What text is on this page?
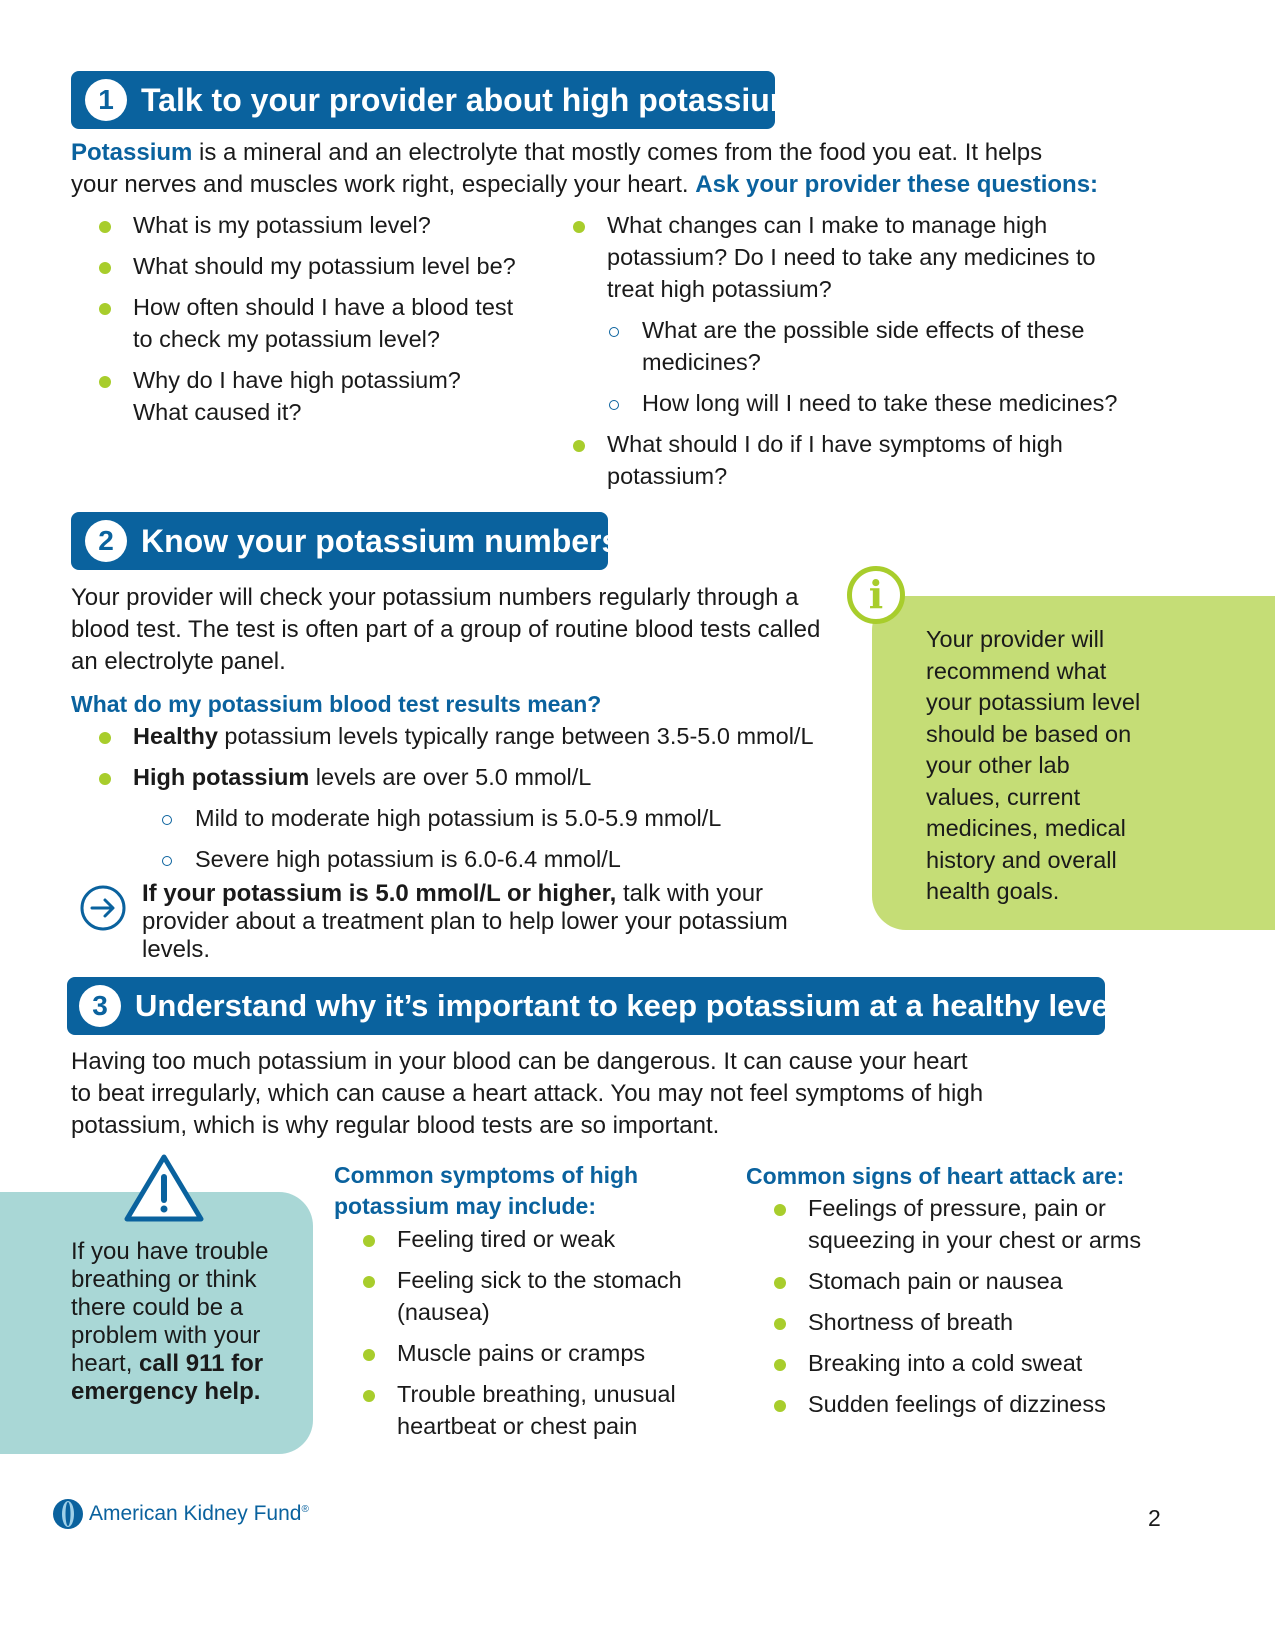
1 Talk to your provider about high potassium
Potassium is a mineral and an electrolyte that mostly comes from the food you eat. It helps
your nerves and muscles work right, especially your heart. Ask your provider these questions:
What is my potassium level?
What should my potassium level be?
How often should I have a blood test to check my potassium level?
Why do I have high potassium? What caused it?
What changes can I make to manage high potassium? Do I need to take any medicines to treat high potassium?
What are the possible side effects of these medicines?
How long will I need to take these medicines?
What should I do if I have symptoms of high potassium?
2 Know your potassium numbers
Your provider will check your potassium numbers regularly through a blood test. The test is often part of a group of routine blood tests called an electrolyte panel.
What do my potassium blood test results mean?
Healthy potassium levels typically range between 3.5-5.0 mmol/L
High potassium levels are over 5.0 mmol/L
Mild to moderate high potassium is 5.0-5.9 mmol/L
Severe high potassium is 6.0-6.4 mmol/L
If your potassium is 5.0 mmol/L or higher, talk with your provider about a treatment plan to help lower your potassium levels.
i
Your provider will recommend what your potassium level should be based on your other lab values, current medicines, medical history and overall health goals.
3 Understand why it’s important to keep potassium at a healthy level
Having too much potassium in your blood can be dangerous. It can cause your heart to beat irregularly, which can cause a heart attack. You may not feel symptoms of high potassium, which is why regular blood tests are so important.
If you have trouble breathing or think there could be a problem with your heart, call 911 for emergency help.
Common symptoms of high potassium may include:
Feeling tired or weak
Feeling sick to the stomach (nausea)
Muscle pains or cramps
Trouble breathing, unusual heartbeat or chest pain
Common signs of heart attack are:
Feelings of pressure, pain or squeezing in your chest or arms
Stomach pain or nausea
Shortness of breath
Breaking into a cold sweat
Sudden feelings of dizziness
American Kidney Fund®	2
